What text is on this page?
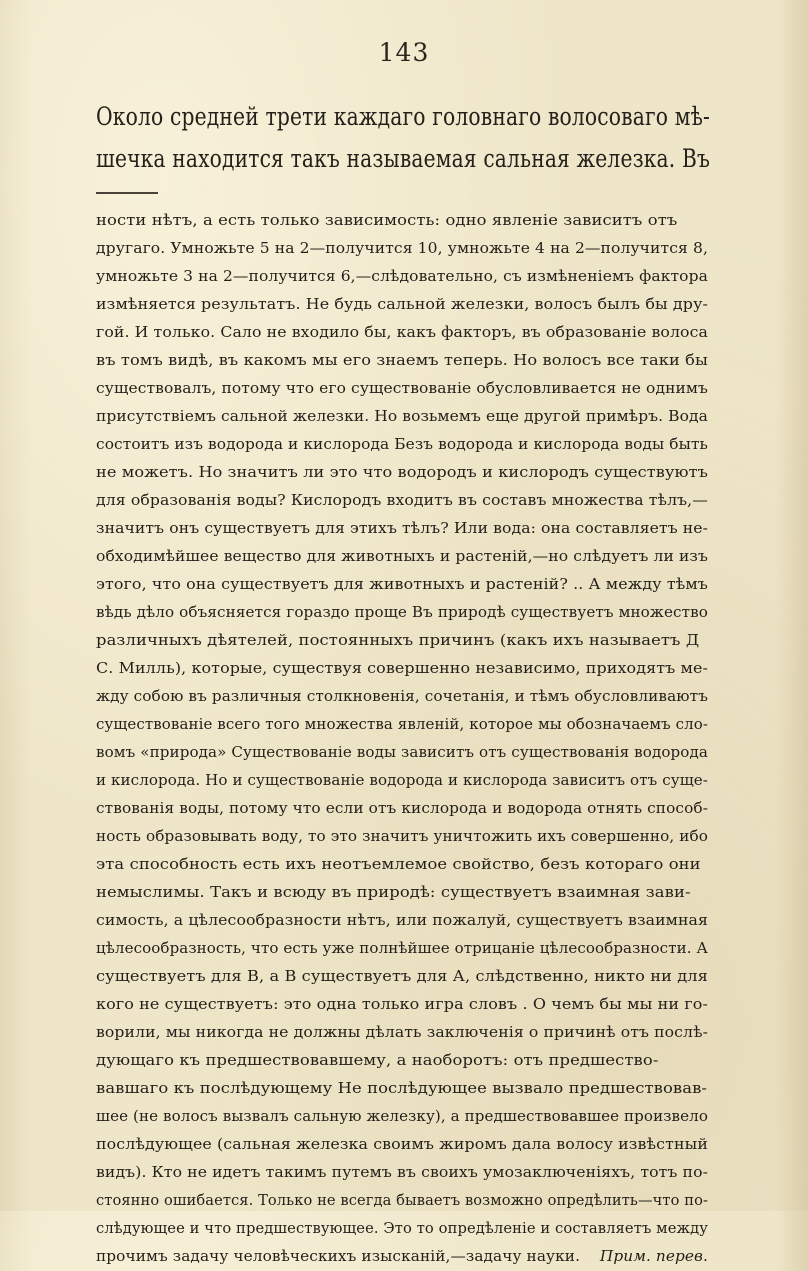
143
Около средней трети каждаго головнаго волосоваго мѣ-
шечка находится такъ называемая сальная железка. Въ
ности нѣтъ, а есть только зависимость: одно явленіе зависитъ отъ
другаго. Умножьте 5 на 2—получится 10, умножьте 4 на 2—получится 8,
умножьте 3 на 2—получится 6,—слѣдовательно, съ измѣненіемъ фактора
измѣняется результатъ. Не будь сальной железки, волосъ былъ бы дру-
гой. И только. Сало не входило бы, какъ факторъ, въ образованіе волоса
въ томъ видѣ, въ какомъ мы его знаемъ теперь. Но волосъ все таки бы
существовалъ, потому что его существованіе обусловливается не однимъ
присутствіемъ сальной железки. Но возьмемъ еще другой примѣръ. Вода
состоитъ изъ водорода и кислорода Безъ водорода и кислорода воды быть
не можетъ. Но значитъ ли это что водородъ и кислородъ существуютъ
для образованія воды? Кислородъ входитъ въ составъ множества тѣлъ,—
значитъ онъ существуетъ для этихъ тѣлъ? Или вода: она составляетъ не-
обходимѣйшее вещество для животныхъ и растеній,—но слѣдуетъ ли изъ
этого, что она существуетъ для животныхъ и растеній? .. А между тѣмъ
вѣдь дѣло объясняется гораздо проще Въ природѣ существуетъ множество
различныхъ дѣятелей, постоянныхъ причинъ (какъ ихъ называетъ Д
С. Милль), которые, существуя совершенно независимо, приходятъ ме-
жду собою въ различныя столкновенія, сочетанія, и тѣмъ обусловливаютъ
существованіе всего того множества явленій, которое мы обозначаемъ сло-
вомъ «природа» Существованіе воды зависитъ отъ существованія водорода
и кислорода. Но и существованіе водорода и кислорода зависитъ отъ суще-
ствованія воды, потому что если отъ кислорода и водорода отнять способ-
ность образовывать воду, то это значитъ уничтожить ихъ совершенно, ибо
эта способность есть ихъ неотъемлемое свойство, безъ котораго они
немыслимы. Такъ и всюду въ природѣ: существуетъ взаимная зави-
симость, а цѣлесообразности нѣтъ, или пожалуй, существуетъ взаимная
цѣлесообразность, что есть уже полнѣйшее отрицаніе цѣлесообразности. А
существуетъ для В, а В существуетъ для А, слѣдственно, никто ни для
кого не существуетъ: это одна только игра словъ . О чемъ бы мы ни го-
ворили, мы никогда не должны дѣлать заключенія о причинѣ отъ послѣ-
дующаго къ предшествовавшему, а наоборотъ: отъ предшество-
вавшаго къ послѣдующему Не послѣдующее вызвало предшествовав-
шее (не волосъ вызвалъ сальную железку), а предшествовавшее произвело
послѣдующее (сальная железка своимъ жиромъ дала волосу извѣстный
видъ). Кто не идетъ такимъ путемъ въ своихъ умозаключеніяхъ, тотъ по-
стоянно ошибается. Только не всегда бываетъ возможно опредѣлить—что по-
слѣдующее и что предшествующее. Это то опредѣленіе и составляетъ между
прочимъ задачу человѣческихъ изысканій,—задачу науки. Прим. перев.
